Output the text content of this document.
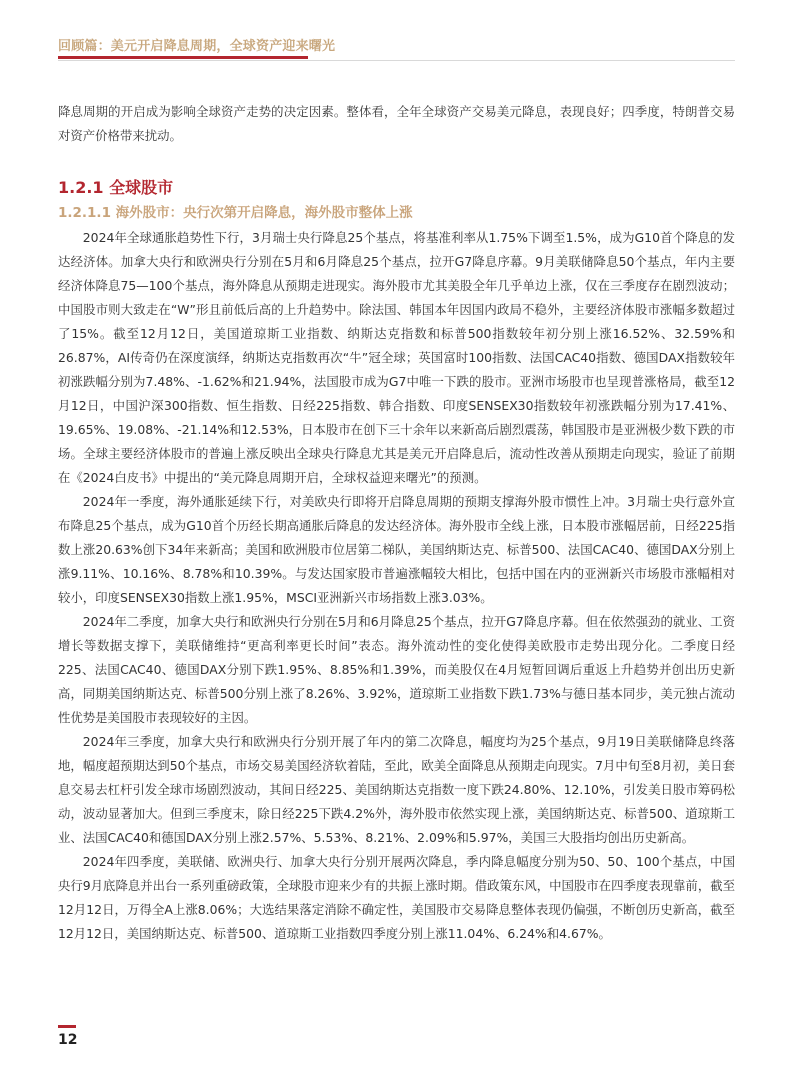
回顾篇：美元开启降息周期，全球资产迎来曙光

降息周期的开启成为影响全球资产走势的决定因素。整体看，全年全球资产交易美元降息，表现良好；四季度，特朗普交易对资产价格带来扰动。

1.2.1 全球股市
1.2.1.1 海外股市：央行次第开启降息，海外股市整体上涨

2024年全球通胀趋势性下行，3月瑞士央行降息25个基点，将基准利率从1.75%下调至1.5%，成为G10首个降息的发达经济体。加拿大央行和欧洲央行分别在5月和6月降息25个基点，拉开G7降息序幕。9月美联储降息50个基点，年内主要经济体降息75—100个基点，海外降息从预期走进现实。海外股市尤其美股全年几乎单边上涨，仅在三季度存在剧烈波动；中国股市则大致走在“W”形且前低后高的上升趋势中。除法国、韩国本年因国内政局不稳外，主要经济体股市涨幅多数超过了15%。截至12月12日，美国道琼斯工业指数、纳斯达克指数和标普500指数较年初分别上涨16.52%、32.59%和26.87%，AI传奇仍在深度演绎，纳斯达克指数再次“牛”冠全球；英国富时100指数、法国CAC40指数、德国DAX指数较年初涨跌幅分别为7.48%、-1.62%和21.94%，法国股市成为G7中唯一下跌的股市。亚洲市场股市也呈现普涨格局，截至12月12日，中国沪深300指数、恒生指数、日经225指数、韩合指数、印度SENSEX30指数较年初涨跌幅分别为17.41%、19.65%、19.08%、-21.14%和12.53%，日本股市在创下三十余年以来新高后剧烈震荡，韩国股市是亚洲极少数下跌的市场。全球主要经济体股市的普遍上涨反映出全球央行降息尤其是美元开启降息后，流动性改善从预期走向现实，验证了前期在《2024白皮书》中提出的“美元降息周期开启，全球权益迎来曙光”的预测。

2024年一季度，海外通胀延续下行，对美欧央行即将开启降息周期的预期支撑海外股市惯性上冲。3月瑞士央行意外宣布降息25个基点，成为G10首个历经长期高通胀后降息的发达经济体。海外股市全线上涨，日本股市涨幅居前，日经225指数上涨20.63%创下34年来新高；美国和欧洲股市位居第二梯队，美国纳斯达克、标普500、法国CAC40、德国DAX分别上涨9.11%、10.16%、8.78%和10.39%。与发达国家股市普遍涨幅较大相比，包括中国在内的亚洲新兴市场股市涨幅相对较小，印度SENSEX30指数上涨1.95%，MSCI亚洲新兴市场指数上涨3.03%。

2024年二季度，加拿大央行和欧洲央行分别在5月和6月降息25个基点，拉开G7降息序幕。但在依然强劲的就业、工资增长等数据支撑下，美联储维持“更高利率更长时间”表态。海外流动性的变化使得美欧股市走势出现分化。二季度日经225、法国CAC40、德国DAX分别下跌1.95%、8.85%和1.39%，而美股仅在4月短暂回调后重返上升趋势并创出历史新高，同期美国纳斯达克、标普500分别上涨了8.26%、3.92%，道琼斯工业指数下跌1.73%与德日基本同步，美元独占流动性优势是美国股市表现较好的主因。

2024年三季度，加拿大央行和欧洲央行分别开展了年内的第二次降息，幅度均为25个基点，9月19日美联储降息终落地，幅度超预期达到50个基点，市场交易美国经济软着陆，至此，欧美全面降息从预期走向现实。7月中旬至8月初，美日套息交易去杠杆引发全球市场剧烈波动，其间日经225、美国纳斯达克指数一度下跌24.80%、12.10%，引发美日股市筹码松动，波动显著加大。但到三季度末，除日经225下跌4.2%外，海外股市依然实现上涨，美国纳斯达克、标普500、道琼斯工业、法国CAC40和德国DAX分别上涨2.57%、5.53%、8.21%、2.09%和5.97%，美国三大股指均创出历史新高。

2024年四季度，美联储、欧洲央行、加拿大央行分别开展两次降息，季内降息幅度分别为50、50、100个基点，中国央行9月底降息并出台一系列重磅政策，全球股市迎来少有的共振上涨时期。借政策东风，中国股市在四季度表现靠前，截至12月12日，万得全A上涨8.06%；大选结果落定消除不确定性，美国股市交易降息整体表现仍偏强，不断创历史新高，截至12月12日，美国纳斯达克、标普500、道琼斯工业指数四季度分别上涨11.04%、6.24%和4.67%。

12
